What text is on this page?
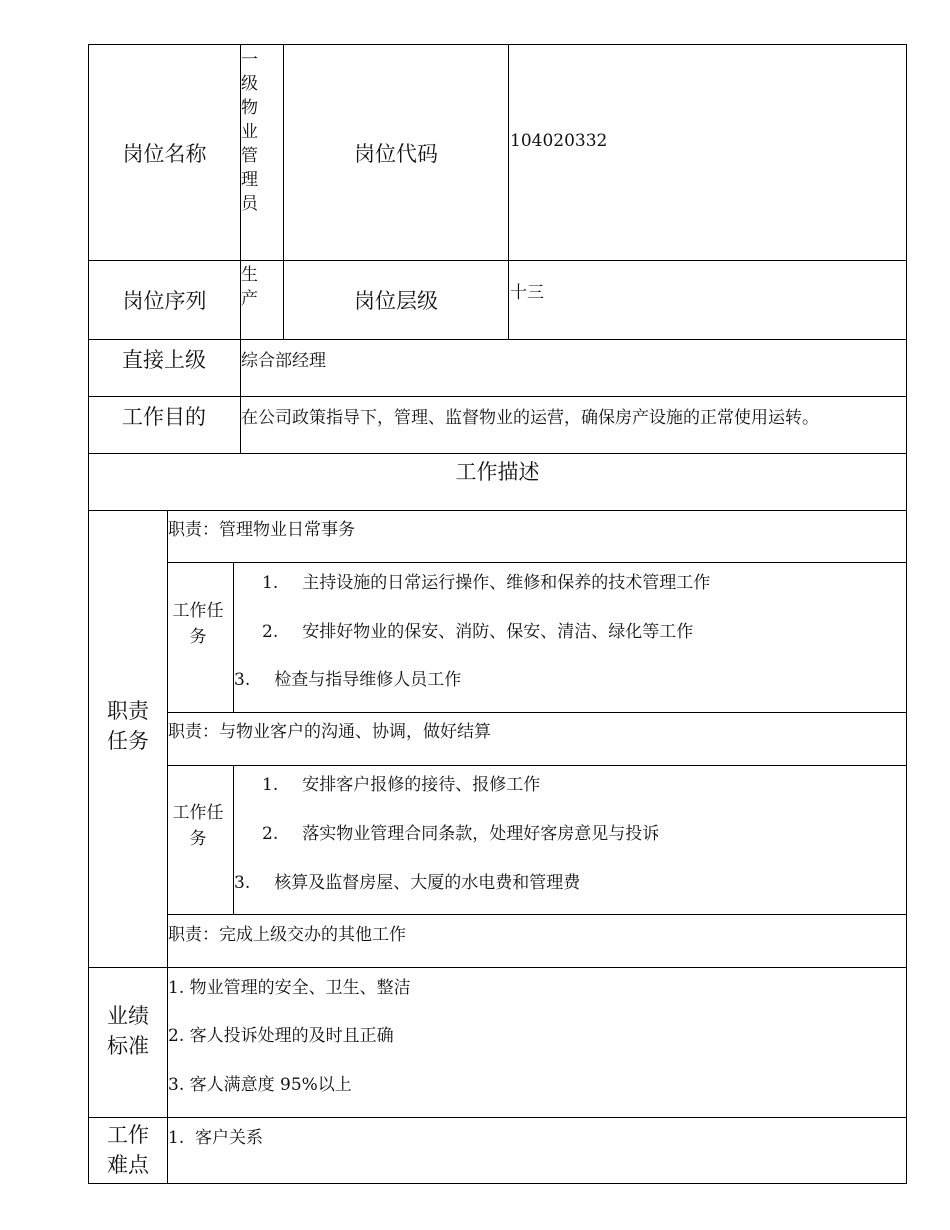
岗位名称
一级物业管理员
岗位代码
104020332
岗位序列
生产	岗位层级	十三
直接上级 综合部经理
工作目的 在公司政策指导下，管理、监督物业的运营，确保房产设施的正常使用运转。
工作描述
职责任务
职责：管理物业日常事务
工作任务
1. 主持设施的日常运行操作、维修和保养的技术管理工作
2. 安排好物业的保安、消防、保安、清洁、绿化等工作
3. 检查与指导维修人员工作
职责：与物业客户的沟通、协调，做好结算
工作任务
1. 安排客户报修的接待、报修工作
2. 落实物业管理合同条款，处理好客房意见与投诉
3. 核算及监督房屋、大厦的水电费和管理费
职责：完成上级交办的其他工作
业绩标准
1. 物业管理的安全、卫生、整洁
2. 客人投诉处理的及时且正确
3. 客人满意度 95%以上
工作难点
1.  客户关系
